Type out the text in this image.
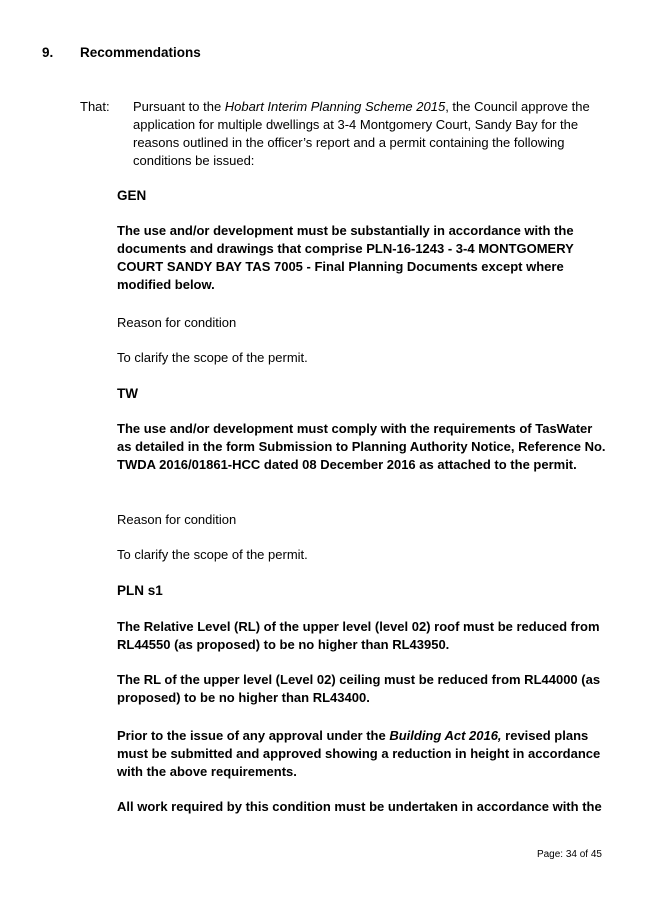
9. Recommendations
That: Pursuant to the Hobart Interim Planning Scheme 2015, the Council approve the application for multiple dwellings at 3-4 Montgomery Court, Sandy Bay for the reasons outlined in the officer’s report and a permit containing the following conditions be issued:
GEN
The use and/or development must be substantially in accordance with the documents and drawings that comprise PLN-16-1243 - 3-4 MONTGOMERY COURT SANDY BAY TAS 7005 - Final Planning Documents except where modified below.
Reason for condition
To clarify the scope of the permit.
TW
The use and/or development must comply with the requirements of TasWater as detailed in the form Submission to Planning Authority Notice, Reference No. TWDA 2016/01861-HCC dated 08 December 2016 as attached to the permit.
Reason for condition
To clarify the scope of the permit.
PLN s1
The Relative Level (RL) of the upper level (level 02) roof must be reduced from RL44550 (as proposed) to be no higher than RL43950.
The RL of the upper level (Level 02) ceiling must be reduced from RL44000 (as proposed) to be no higher than RL43400.
Prior to the issue of any approval under the Building Act 2016, revised plans must be submitted and approved showing a reduction in height in accordance with the above requirements.
All work required by this condition must be undertaken in accordance with the
Page: 34 of 45
